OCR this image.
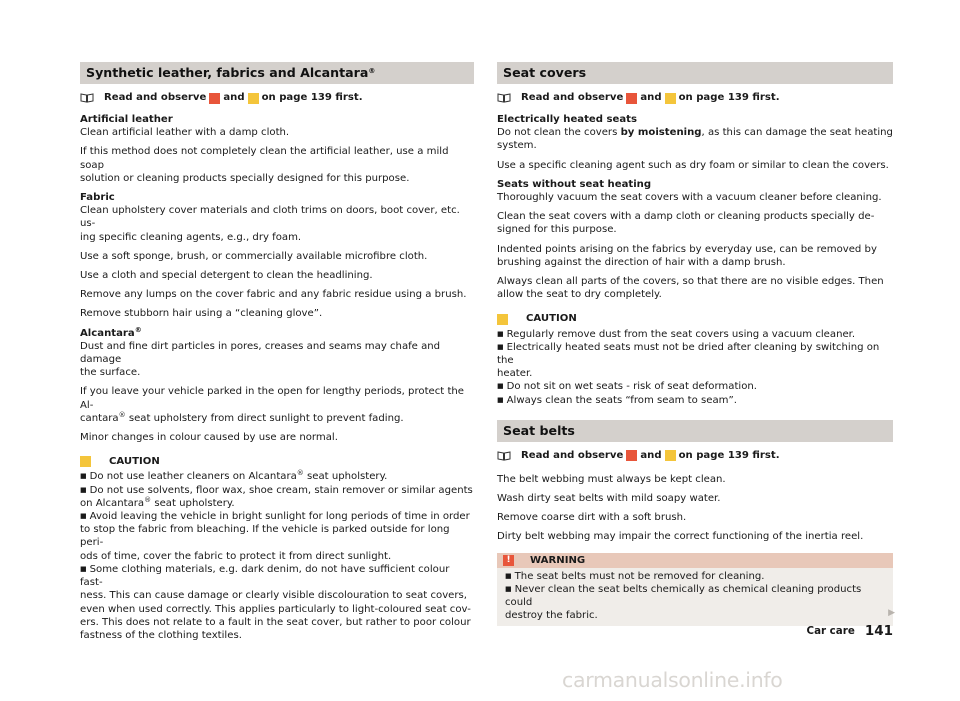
Synthetic leather, fabrics and Alcantara®
Read and observe and on page 139 first.

Artificial leather

Clean artificial leather with a damp cloth.

If this method does not completely clean the artificial leather, use a mild soap

solution or cleaning products specially designed for this purpose.

Fabric

Clean upholstery cover materials and cloth trims on doors, boot cover, etc. us-

ing specific cleaning agents, e.g., dry foam.

Use a soft sponge, brush, or commercially available microfibre cloth.

Use a cloth and special detergent to clean the headlining.

Remove any lumps on the cover fabric and any fabric residue using a brush.

Remove stubborn hair using a “cleaning glove”.

Alcantara®

Dust and fine dirt particles in pores, creases and seams may chafe and damage

the surface.

If you leave your vehicle parked in the open for lengthy periods, protect the Al-

cantara® seat upholstery from direct sunlight to prevent fading.

Minor changes in colour caused by use are normal.

CAUTION

■ Do not use leather cleaners on Alcantara® seat upholstery.

■ Do not use solvents, floor wax, shoe cream, stain remover or similar agents

on Alcantara® seat upholstery.

■ Avoid leaving the vehicle in bright sunlight for long periods of time in order

to stop the fabric from bleaching. If the vehicle is parked outside for long peri-

ods of time, cover the fabric to protect it from direct sunlight.

■ Some clothing materials, e.g. dark denim, do not have sufficient colour fast-

ness. This can cause damage or clearly visible discolouration to seat covers,

even when used correctly. This applies particularly to light-coloured seat cov-

ers. This does not relate to a fault in the seat cover, but rather to poor colour

fastness of the clothing textiles.

Seat covers
Read and observe and on page 139 first.

Electrically heated seats

Do not clean the covers by moistening, as this can damage the seat heating

system.

Use a specific cleaning agent such as dry foam or similar to clean the covers.

Seats without seat heating

Thoroughly vacuum the seat covers with a vacuum cleaner before cleaning.

Clean the seat covers with a damp cloth or cleaning products specially de-

signed for this purpose.

Indented points arising on the fabrics by everyday use, can be removed by

brushing against the direction of hair with a damp brush.

Always clean all parts of the covers, so that there are no visible edges. Then

allow the seat to dry completely.

CAUTION

■ Regularly remove dust from the seat covers using a vacuum cleaner.

■ Electrically heated seats must not be dried after cleaning by switching on the

heater.

■ Do not sit on wet seats - risk of seat deformation.

■ Always clean the seats “from seam to seam”.

Seat belts
Read and observe and on page 139 first.

The belt webbing must always be kept clean.

Wash dirty seat belts with mild soapy water.

Remove coarse dirt with a soft brush.

Dirty belt webbing may impair the correct functioning of the inertia reel.

!	WARNING

■ The seat belts must not be removed for cleaning.

■ Never clean the seat belts chemically as chemical cleaning products could

destroy the fabric.	▶
Car care 141
carmanualsonline.info
